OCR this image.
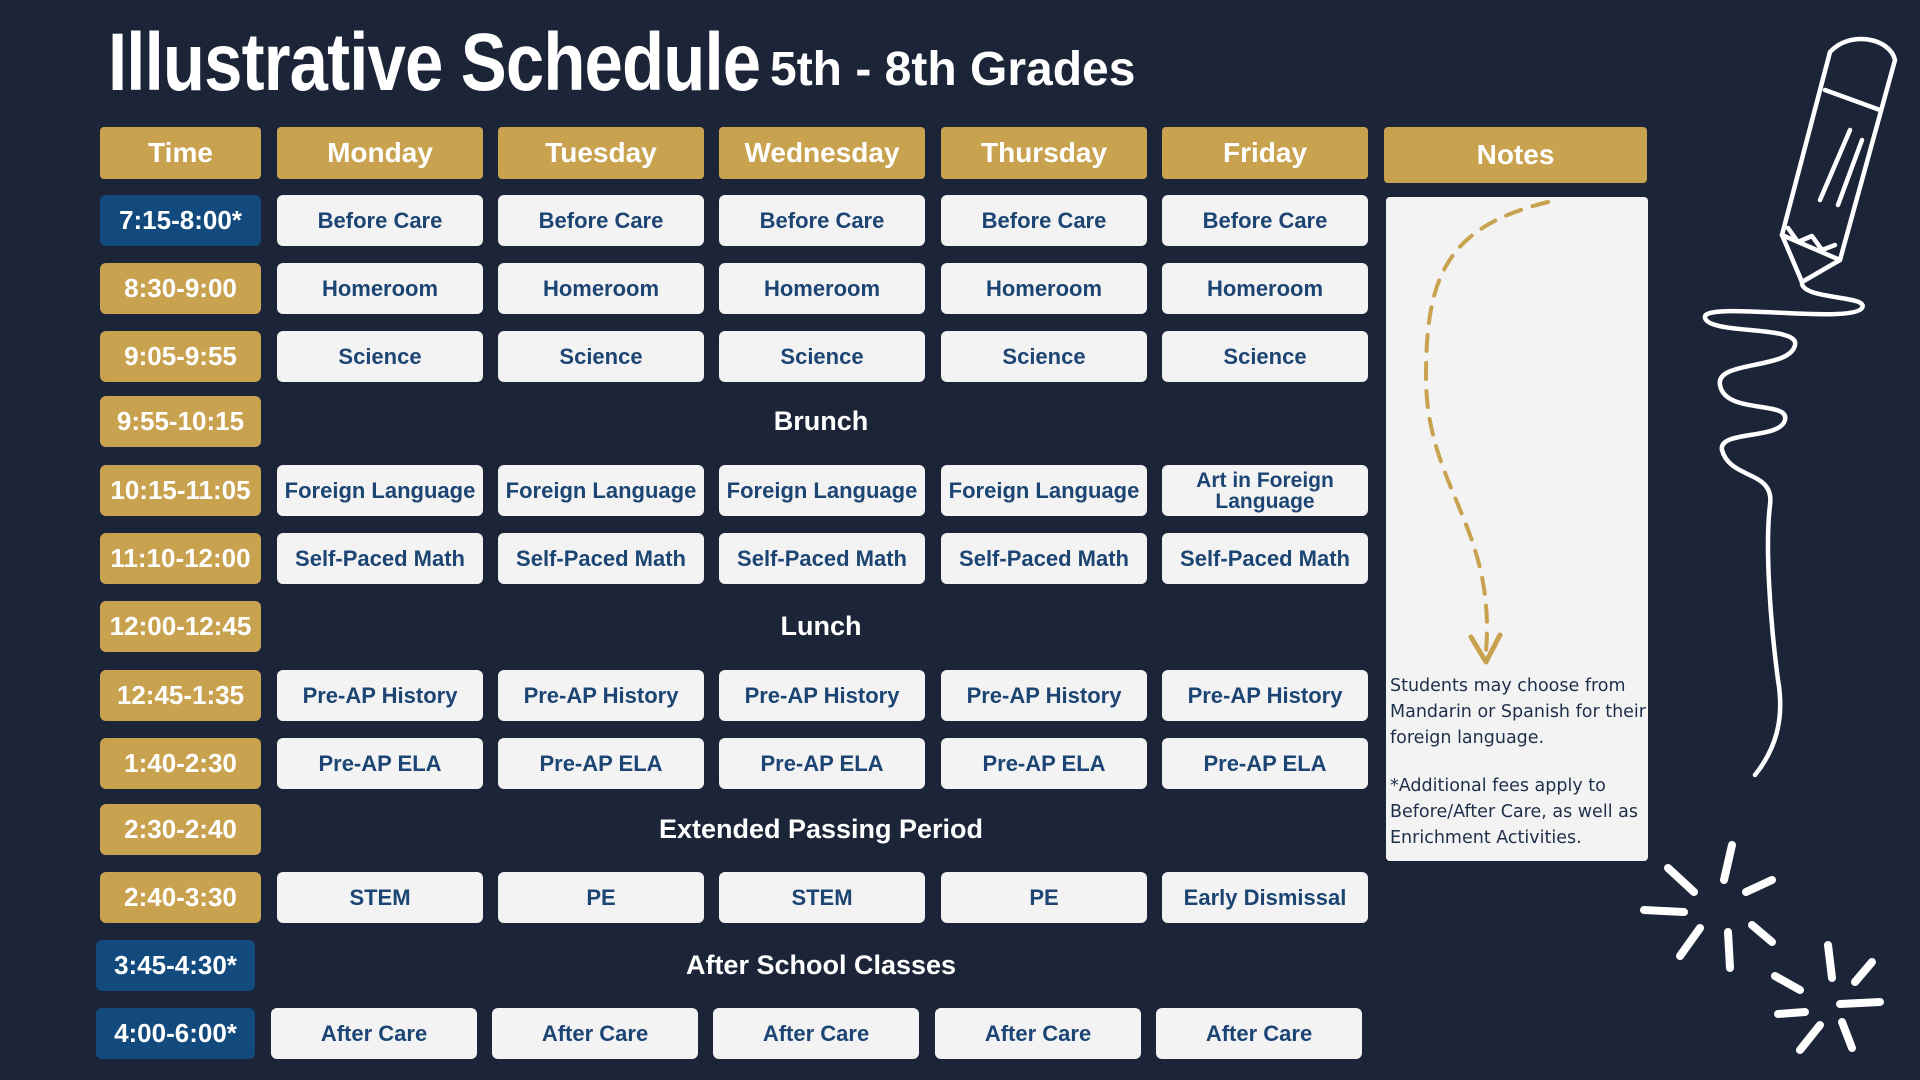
Illustrative Schedule 5th - 8th Grades
Time	Monday	Tuesday	Wednesday	Thursday	Friday	Notes
7:15-8:00*	Before Care	Before Care	Before Care	Before Care	Before Care
8:30-9:00	Homeroom	Homeroom	Homeroom	Homeroom	Homeroom
9:05-9:55	Science	Science	Science	Science	Science
9:55-10:15	Brunch
10:15-11:05	Foreign Language	Foreign Language	Foreign Language	Foreign Language	Art in Foreign Language
11:10-12:00	Self-Paced Math	Self-Paced Math	Self-Paced Math	Self-Paced Math	Self-Paced Math
12:00-12:45	Lunch
12:45-1:35	Pre-AP History	Pre-AP History	Pre-AP History	Pre-AP History	Pre-AP History
1:40-2:30	Pre-AP ELA	Pre-AP ELA	Pre-AP ELA	Pre-AP ELA	Pre-AP ELA
2:30-2:40	Extended Passing Period
2:40-3:30	STEM	PE	STEM	PE	Early Dismissal
3:45-4:30*	After School Classes
4:00-6:00*	After Care	After Care	After Care	After Care	After Care

Students may choose from Mandarin or Spanish for their foreign language.

*Additional fees apply to Before/After Care, as well as Enrichment Activities.
